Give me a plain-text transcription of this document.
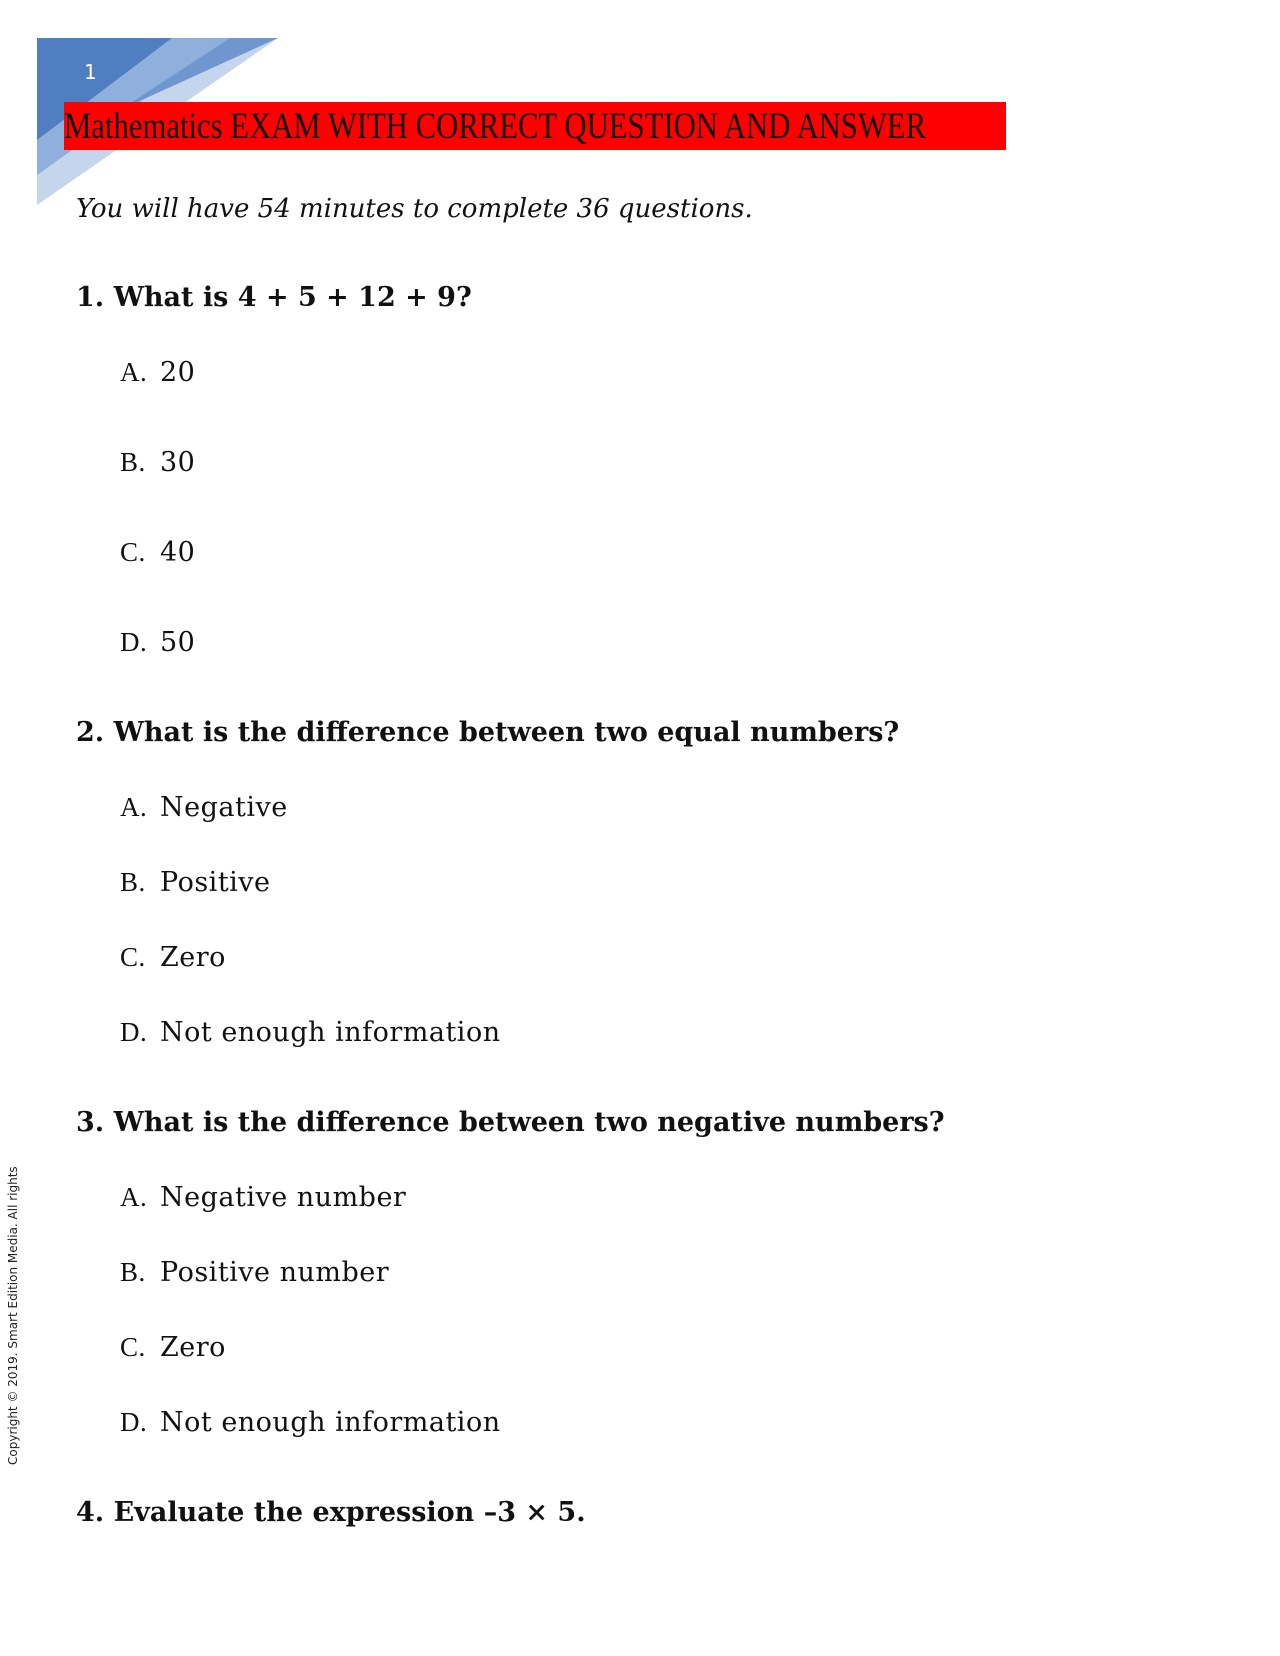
1
Mathematics EXAM WITH CORRECT QUESTION AND ANSWER
You will have 54 minutes to complete 36 questions.
1. What is 4 + 5 + 12 + 9?
A. 20
B. 30
C. 40
D. 50
2. What is the difference between two equal numbers?
A. Negative
B. Positive
C. Zero
D. Not enough information
3. What is the difference between two negative numbers?
A. Negative number
B. Positive number
C. Zero
D. Not enough information
4. Evaluate the expression –3 × 5.
Copyright © 2019. Smart Edition Media. All rights
